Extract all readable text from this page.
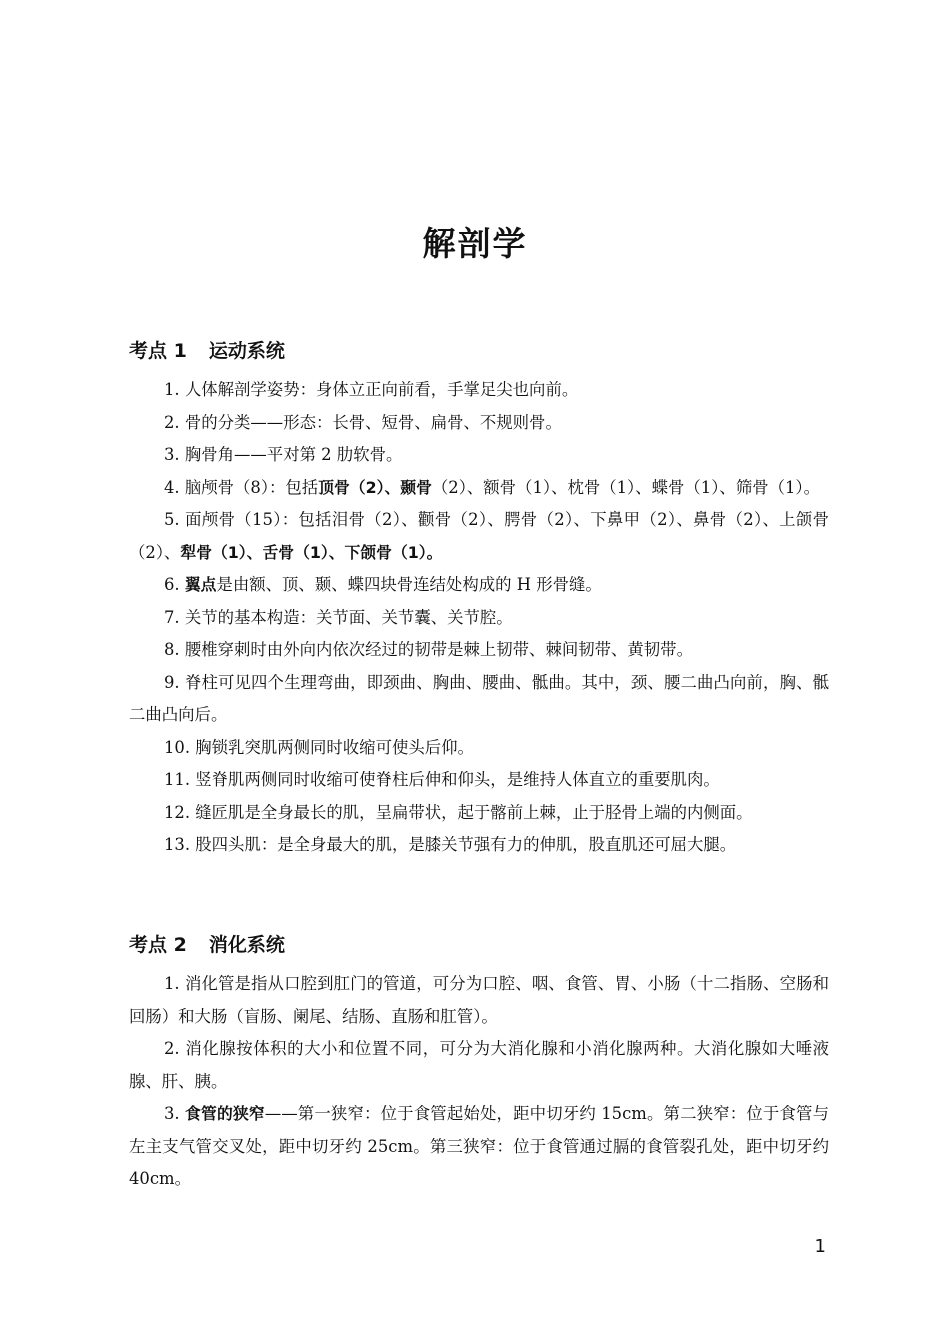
解剖学
考点 1 运动系统

1. 人体解剖学姿势：身体立正向前看，手掌足尖也向前。

2. 骨的分类——形态：长骨、短骨、扁骨、不规则骨。

3. 胸骨角——平对第 2 肋软骨。

4. 脑颅骨（8）：包括顶骨（2）、颞骨（2）、额骨（1）、枕骨（1）、蝶骨（1）、筛骨（1）。

5. 面颅骨（15）：包括泪骨（2）、颧骨（2）、腭骨（2）、下鼻甲（2）、鼻骨（2）、上颌骨（2）、犁骨（1）、舌骨（1）、下颌骨（1）。

6. 翼点是由额、顶、颞、蝶四块骨连结处构成的 H 形骨缝。

7. 关节的基本构造：关节面、关节囊、关节腔。

8. 腰椎穿刺时由外向内依次经过的韧带是棘上韧带、棘间韧带、黄韧带。

9. 脊柱可见四个生理弯曲，即颈曲、胸曲、腰曲、骶曲。其中，颈、腰二曲凸向前，胸、骶二曲凸向后。

10. 胸锁乳突肌两侧同时收缩可使头后仰。

11. 竖脊肌两侧同时收缩可使脊柱后伸和仰头，是维持人体直立的重要肌肉。

12. 缝匠肌是全身最长的肌，呈扁带状，起于髂前上棘，止于胫骨上端的内侧面。

13. 股四头肌：是全身最大的肌，是膝关节强有力的伸肌，股直肌还可屈大腿。

考点 2 消化系统

1. 消化管是指从口腔到肛门的管道，可分为口腔、咽、食管、胃、小肠（十二指肠、空肠和回肠）和大肠（盲肠、阑尾、结肠、直肠和肛管）。

2. 消化腺按体积的大小和位置不同，可分为大消化腺和小消化腺两种。大消化腺如大唾液腺、肝、胰。

3. 食管的狭窄——第一狭窄：位于食管起始处，距中切牙约 15cm。第二狭窄：位于食管与左主支气管交叉处，距中切牙约 25cm。第三狭窄：位于食管通过膈的食管裂孔处，距中切牙约 40cm。

1
